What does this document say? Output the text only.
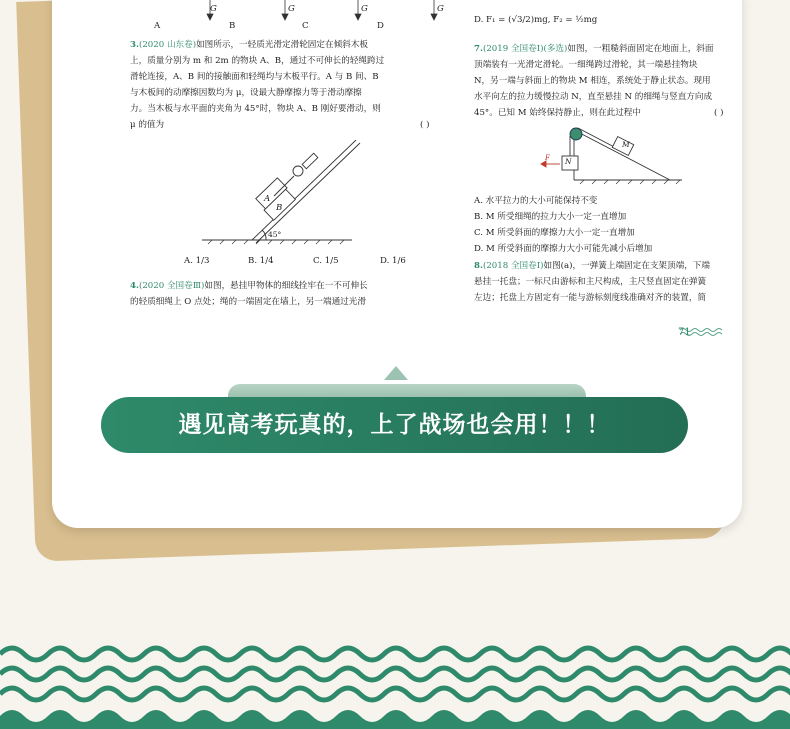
G	G	G	G
A	B	C	D
3.(2020 山东卷)如图所示，一轻质光滑定滑轮固定在倾斜木板
上，质量分别为 m 和 2m 的物块 A、B，通过不可伸长的轻绳跨过
滑轮连接，A、B 间的接触面和轻绳均与木板平行。A 与 B 间、B
与木板间的动摩擦因数均为 μ，设最大静摩擦力等于滑动摩擦
力。当木板与水平面的夹角为 45°时，物块 A、B 刚好要滑动，则
μ 的值为	( )
A
B
45°
A. 1/3	B. 1/4	C. 1/5	D. 1/6
4.(2020 全国卷Ⅲ)如图，悬挂甲物体的细线拴牢在一不可伸长
的轻质细绳上 O 点处；绳的一端固定在墙上，另一端通过光滑
D. F₁ = (√3/2)mg, F₂ = ½mg
7.(2019 全国卷Ⅰ)(多选)如图，一粗糙斜面固定在地面上，斜面
顶端装有一光滑定滑轮。一细绳跨过滑轮，其一端悬挂物块
N，另一端与斜面上的物块 M 相连，系统处于静止状态。现用
水平向左的拉力缓慢拉动 N，直至悬挂 N 的细绳与竖直方向成
45°。已知 M 始终保持静止，则在此过程中	( )
M
N
F
A. 水平拉力的大小可能保持不变
B. M 所受细绳的拉力大小一定一直增加
C. M 所受斜面的摩擦力大小一定一直增加
D. M 所受斜面的摩擦力大小可能先减小后增加
8.(2018 全国卷Ⅰ)如图(a)，一弹簧上端固定在支架顶端，下端
悬挂一托盘；一标尺由游标和主尺构成，主尺竖直固定在弹簧
左边；托盘上方固定有一能与游标刻度线准确对齐的装置，简
71
遇见高考玩真的，上了战场也会用！！！
